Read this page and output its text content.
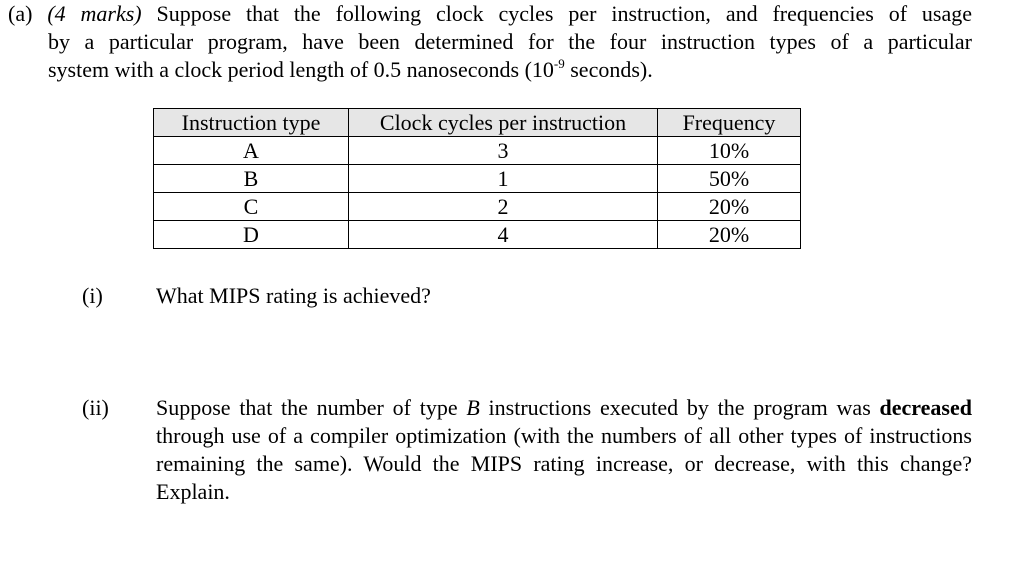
(a) (4 marks) Suppose that the following clock cycles per instruction, and frequencies of usage
by a particular program, have been determined for the four instruction types of a particular
system with a clock period length of 0.5 nanoseconds ($10^{-9}$ seconds).
Instruction type	Clock cycles per instruction	Frequency
A	3	10%
B	1	50%
C	2	20%
D	4	20%
(i) What MIPS rating is achieved?
(ii) Suppose that the number of type B instructions executed by the program was decreased through use of a compiler optimization (with the numbers of all other types of instructions remaining the same). Would the MIPS rating increase, or decrease, with this change? Explain.
